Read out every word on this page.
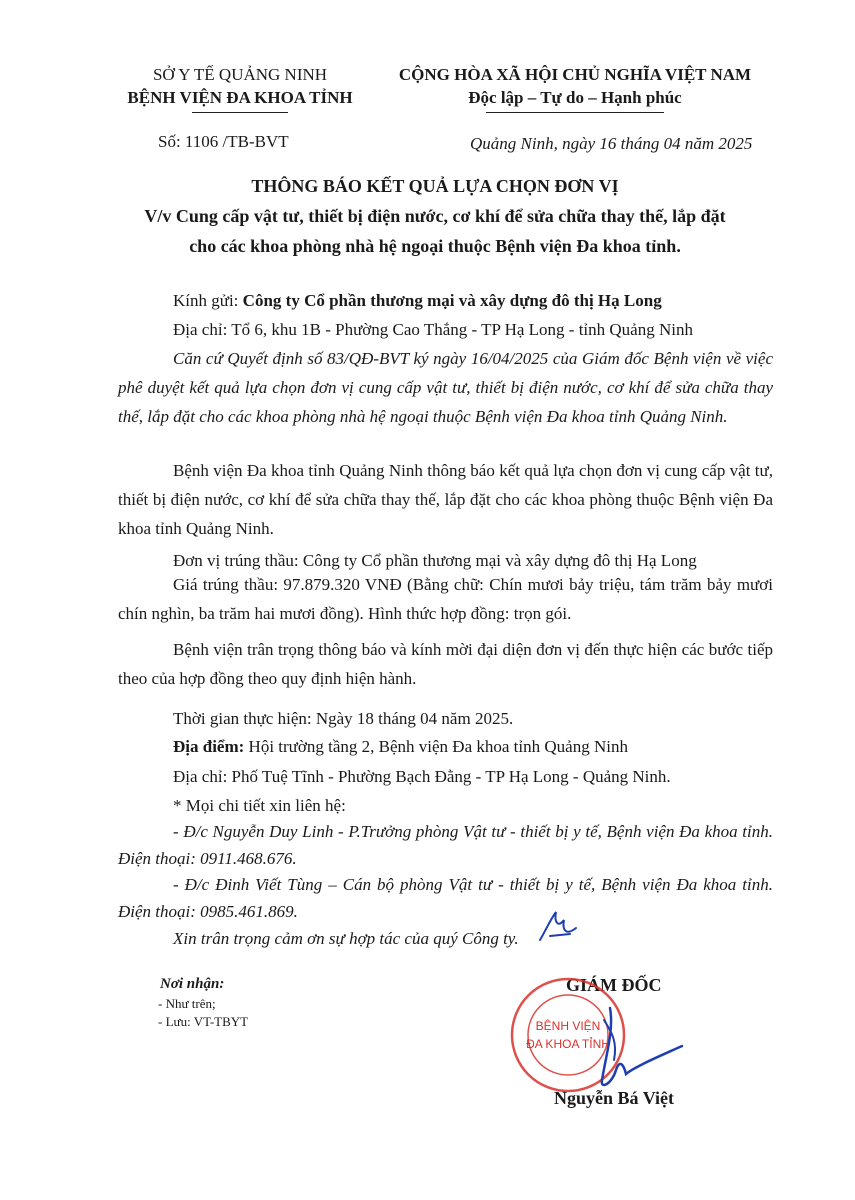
SỞ Y TẾ QUẢNG NINH
BỆNH VIỆN ĐA KHOA TỈNH
CỘNG HÒA XÃ HỘI CHỦ NGHĨA VIỆT NAM
Độc lập – Tự do – Hạnh phúc
Số: 1106 /TB-BVT	Quảng Ninh, ngày 16 tháng 04 năm 2025
THÔNG BÁO KẾT QUẢ LỰA CHỌN ĐƠN VỊ
V/v Cung cấp vật tư, thiết bị điện nước, cơ khí để sửa chữa thay thế, lắp đặt
cho các khoa phòng nhà hệ ngoại thuộc Bệnh viện Đa khoa tỉnh.
Kính gửi: Công ty Cổ phần thương mại và xây dựng đô thị Hạ Long
Địa chỉ: Tổ 6, khu 1B - Phường Cao Thắng - TP Hạ Long - tỉnh Quảng Ninh
Căn cứ Quyết định số 83/QĐ-BVT ký ngày 16/04/2025 của Giám đốc Bệnh viện về việc phê duyệt kết quả lựa chọn đơn vị cung cấp vật tư, thiết bị điện nước, cơ khí để sửa chữa thay thế, lắp đặt cho các khoa phòng nhà hệ ngoại thuộc Bệnh viện Đa khoa tỉnh Quảng Ninh.
Bệnh viện Đa khoa tỉnh Quảng Ninh thông báo kết quả lựa chọn đơn vị cung cấp vật tư, thiết bị điện nước, cơ khí để sửa chữa thay thế, lắp đặt cho các khoa phòng thuộc Bệnh viện Đa khoa tỉnh Quảng Ninh.
Đơn vị trúng thầu: Công ty Cổ phần thương mại và xây dựng đô thị Hạ Long
Giá trúng thầu: 97.879.320 VNĐ (Bằng chữ: Chín mươi bảy triệu, tám trăm bảy mươi chín nghìn, ba trăm hai mươi đồng). Hình thức hợp đồng: trọn gói.
Bệnh viện trân trọng thông báo và kính mời đại diện đơn vị đến thực hiện các bước tiếp theo của hợp đồng theo quy định hiện hành.
Thời gian thực hiện: Ngày 18 tháng 04 năm 2025.
Địa điểm: Hội trường tầng 2, Bệnh viện Đa khoa tỉnh Quảng Ninh
Địa chỉ: Phố Tuệ Tĩnh - Phường Bạch Đằng - TP Hạ Long - Quảng Ninh.
* Mọi chi tiết xin liên hệ:
- Đ/c Nguyễn Duy Linh - P.Trưởng phòng Vật tư - thiết bị y tế, Bệnh viện Đa khoa tỉnh. Điện thoại: 0911.468.676.
- Đ/c Đinh Viết Tùng – Cán bộ phòng Vật tư - thiết bị y tế, Bệnh viện Đa khoa tỉnh. Điện thoại: 0985.461.869.
Xin trân trọng cảm ơn sự hợp tác của quý Công ty.
Nơi nhận:
- Như trên;
- Lưu: VT-TBYT
GIÁM ĐỐC
BỆNH VIỆN
ĐA KHOA TỈNH
Nguyễn Bá Việt
